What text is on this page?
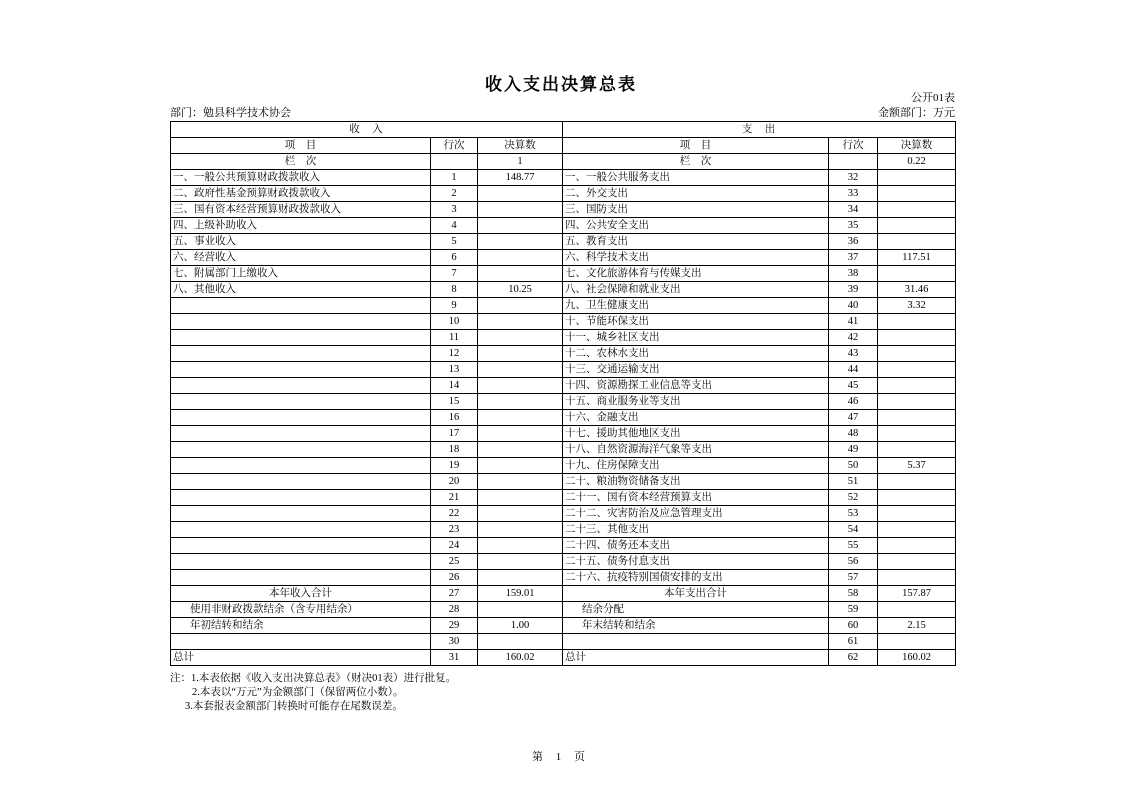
收入支出决算总表
公开01表
部门：勉县科学技术协会	金额部门：万元
收　入			支　出		
项　目	行次	决算数	项　目	行次	决算数
栏　次		1	栏　次		0.22
一、一般公共预算财政拨款收入	1	148.77	一、一般公共服务支出	32	
二、政府性基金预算财政拨款收入	2		二、外交支出	33	
三、国有资本经营预算财政拨款收入	3		三、国防支出	34	
四、上级补助收入	4		四、公共安全支出	35	
五、事业收入	5		五、教育支出	36	
六、经营收入	6		六、科学技术支出	37	117.51
七、附属部门上缴收入	7		七、文化旅游体育与传媒支出	38	
八、其他收入	8	10.25	八、社会保障和就业支出	39	31.46
	9		九、卫生健康支出	40	3.32
	10		十、节能环保支出	41	
	11		十一、城乡社区支出	42	
	12		十二、农林水支出	43	
	13		十三、交通运输支出	44	
	14		十四、资源勘探工业信息等支出	45	
	15		十五、商业服务业等支出	46	
	16		十六、金融支出	47	
	17		十七、援助其他地区支出	48	
	18		十八、自然资源海洋气象等支出	49	
	19		十九、住房保障支出	50	5.37
	20		二十、粮油物资储备支出	51	
	21		二十一、国有资本经营预算支出	52	
	22		二十二、灾害防治及应急管理支出	53	
	23		二十三、其他支出	54	
	24		二十四、债务还本支出	55	
	25		二十五、债务付息支出	56	
	26		二十六、抗疫特别国债安排的支出	57	
本年收入合计	27	159.01	本年支出合计	58	157.87
使用非财政拨款结余（含专用结余）	28		结余分配	59	
年初结转和结余	29	1.00	年末结转和结余	60	2.15
	30			61	
总计	31	160.02	总计	62	160.02
注：1.本表依据《收入支出决算总表》（财决01表）进行批复。
2.本表以“万元”为金额部门（保留两位小数）。
3.本套报表金额部门转换时可能存在尾数误差。
第 1 页
